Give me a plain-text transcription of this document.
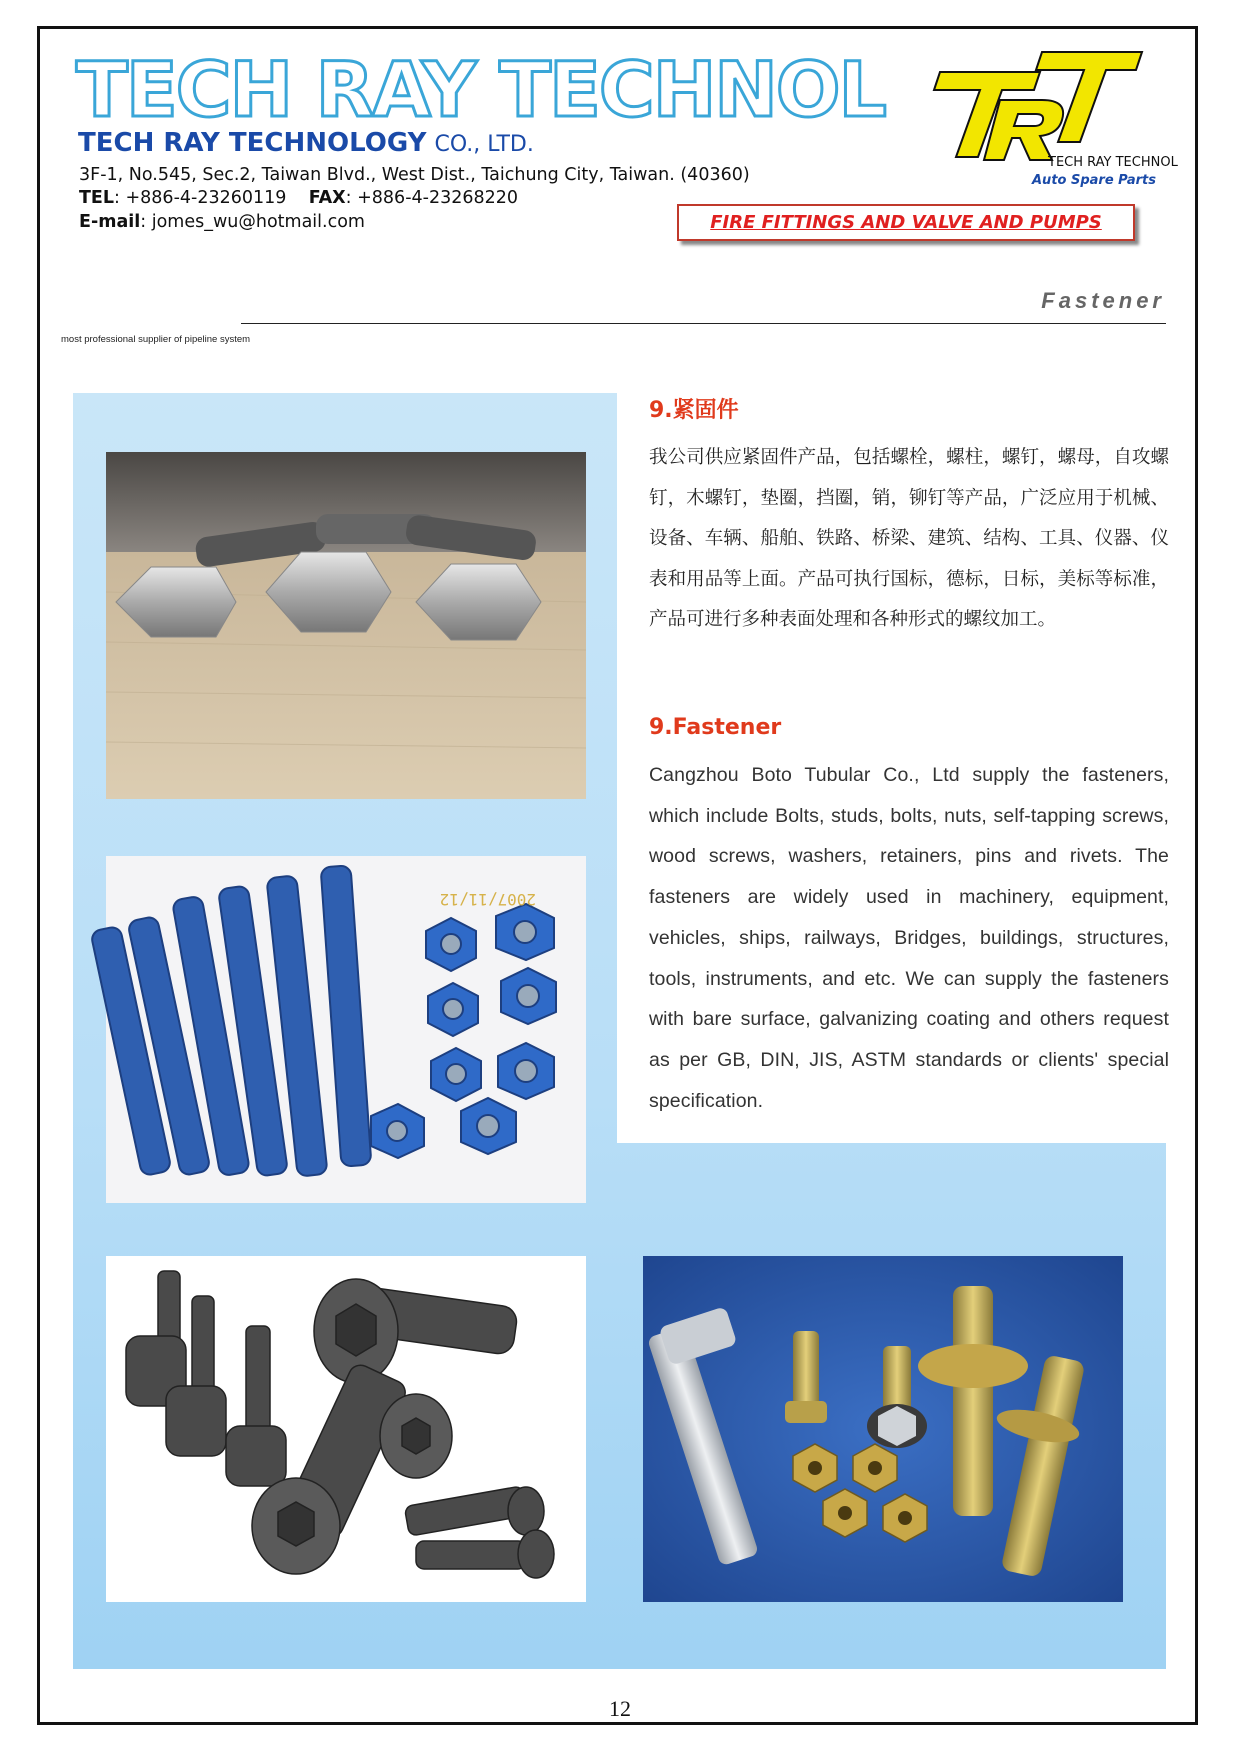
TECH RAY TECHNOL
TECH RAY TECHNOLOGY CO., LTD.
3F-1, No.545, Sec.2, Taiwan Blvd., West Dist., Taichung City, Taiwan. (40360)
TEL: +886-4-23260119 FAX: +886-4-23268220
E-mail: jomes_wu@hotmail.com
TECH RAY TECHNOL
Auto Spare Parts
FIRE FITTINGS AND VALVE AND PUMPS
Fastener
most professional supplier of pipeline system
9.紧固件
我公司供应紧固件产品，包括螺栓，螺柱，螺钉，螺母，自攻螺钉，木螺钉，垫圈，挡圈，销，铆钉等产品，广泛应用于机械、设备、车辆、船舶、铁路、桥梁、建筑、结构、工具、仪器、仪表和用品等上面。产品可执行国标，德标，日标，美标等标准，产品可进行多种表面处理和各种形式的螺纹加工。
9.Fastener
Cangzhou Boto Tubular Co., Ltd supply the fasteners, which include Bolts, studs, bolts, nuts, self-tapping screws, wood screws, washers, retainers, pins and rivets. The fasteners are widely used in machinery, equipment, vehicles, ships, railways, Bridges, buildings, structures, tools, instruments, and etc. We can supply the fasteners with bare surface, galvanizing coating and others request as per GB, DIN, JIS, ASTM standards or clients' special specification.
2007/11/12
12
